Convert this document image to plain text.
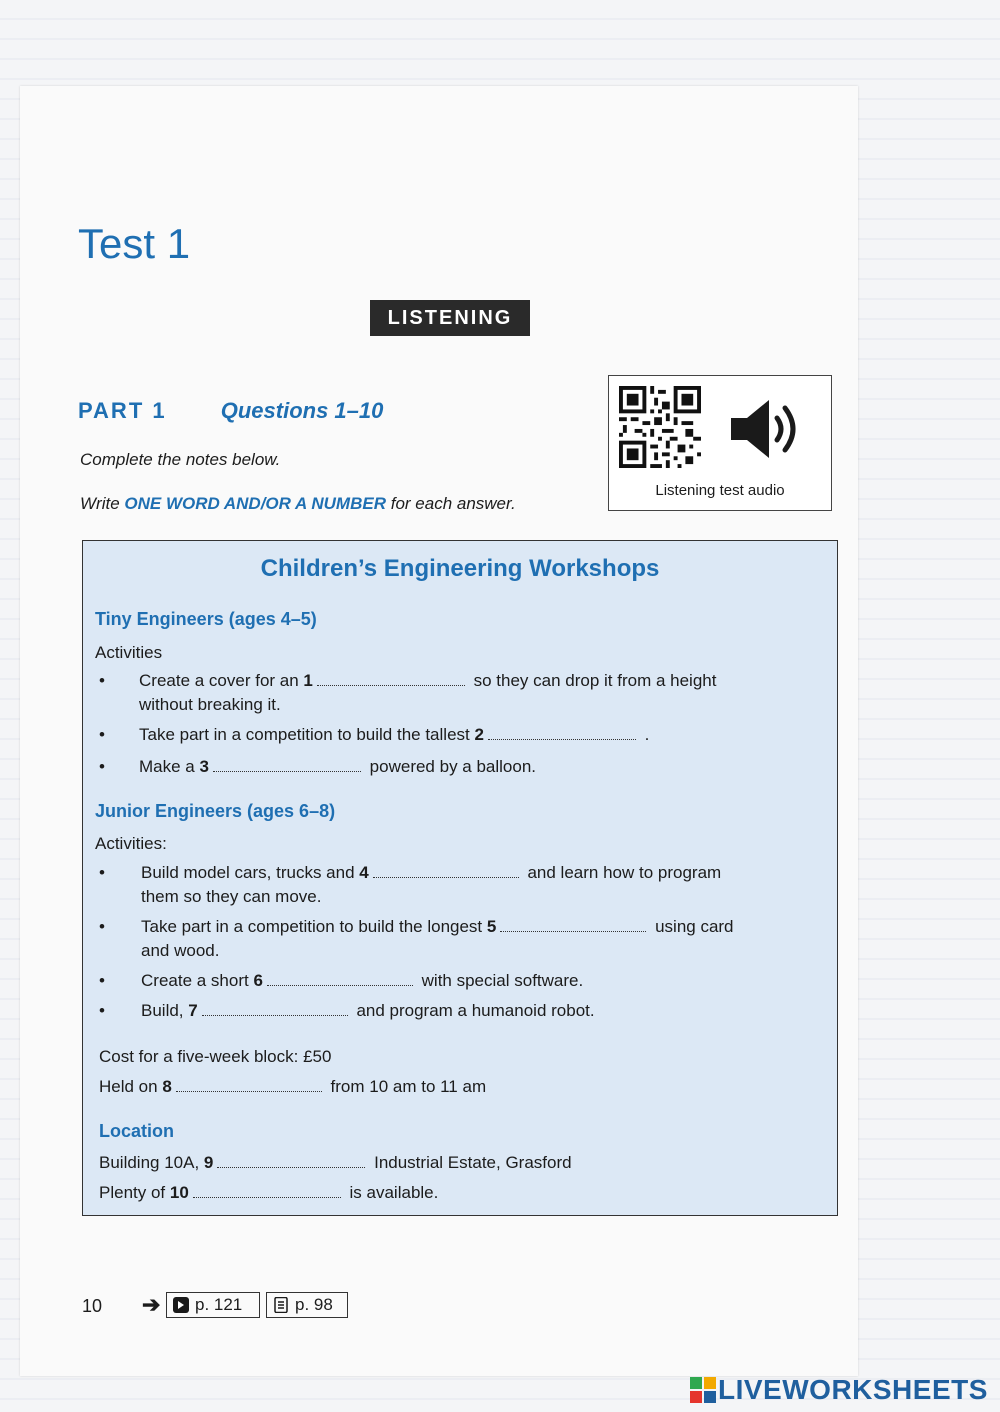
Test 1
LISTENING
PART 1 Questions 1–10
Complete the notes below.
Write ONE WORD AND/OR A NUMBER for each answer.
Listening test audio
Children’s Engineering Workshops
Tiny Engineers (ages 4–5)
Activities
• Create a cover for an 1	so they can drop it from a height
without breaking it.
• Take part in a competition to build the tallest 2	.
• Make a 3	powered by a balloon.
Junior Engineers (ages 6–8)
Activities:
• Build model cars, trucks and 4	and learn how to program
them so they can move.
• Take part in a competition to build the longest 5	using card
and wood.
• Create a short 6	with special software.
• Build, 7	and program a humanoid robot.
Cost for a five-week block: £50
Held on 8	from 10 am to 11 am
Location
Building 10A, 9	Industrial Estate, Grasford
Plenty of 10	is available.
10 ➔ p. 121	p. 98
LIVEWORKSHEETS
